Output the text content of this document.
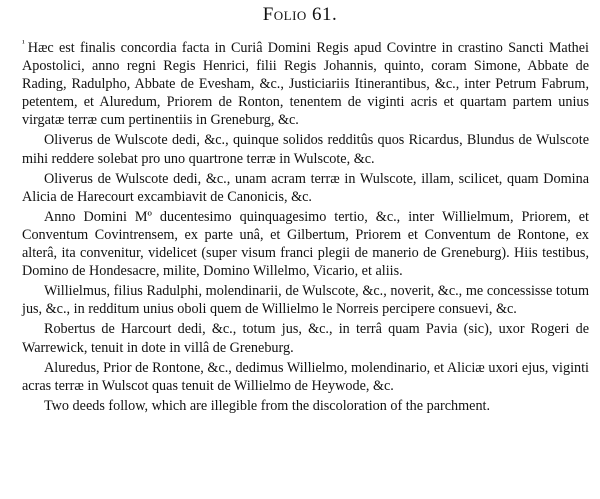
Folio 61.

$^{^1}$ Hæc est finalis concordia facta in Curiâ Domini Regis apud Covintre in crastino Sancti Mathei Apostolici, anno regni Regis Henrici, filii Regis Johannis, quinto, coram Simone, Abbate de Rading, Radulpho, Abbate de Evesham, &c., Justiciariis Itinerantibus, &c., inter Petrum Fabrum, petentem, et Aluredum, Priorem de Ronton, tenentem de viginti acris et quartam partem unius virgatæ terræ cum pertinentiis in Greneburg, &c.

Oliverus de Wulscote dedi, &c., quinque solidos redditûs quos Ricardus, Blundus de Wulscote mihi reddere solebat pro uno quartrone terræ in Wulscote, &c.

Oliverus de Wulscote dedi, &c., unam acram terræ in Wulscote, illam, scilicet, quam Domina Alicia de Harecourt excambiavit de Canonicis, &c.

Anno Domini Mº ducentesimo quinquagesimo tertio, &c., inter Willielmum, Priorem, et Conventum Covintrensem, ex parte unâ, et Gilbertum, Priorem et Conventum de Rontone, ex alterâ, ita convenitur, videlicet (super visum franci plegii de manerio de Greneburg). Hiis testibus, Domino de Hondesacre, milite, Domino Willelmo, Vicario, et aliis.

Willielmus, filius Radulphi, molendinarii, de Wulscote, &c., noverit, &c., me concessisse totum jus, &c., in redditum unius oboli quem de Willielmo le Norreis percipere consuevi, &c.

Robertus de Harcourt dedi, &c., totum jus, &c., in terrâ quam Pavia (sic), uxor Rogeri de Warrewick, tenuit in dote in villâ de Greneburg.

Aluredus, Prior de Rontone, &c., dedimus Willielmo, molendinario, et Aliciæ uxori ejus, viginti acras terræ in Wulscot quas tenuit de Willielmo de Heywode, &c.

Two deeds follow, which are illegible from the discoloration of the parchment.
